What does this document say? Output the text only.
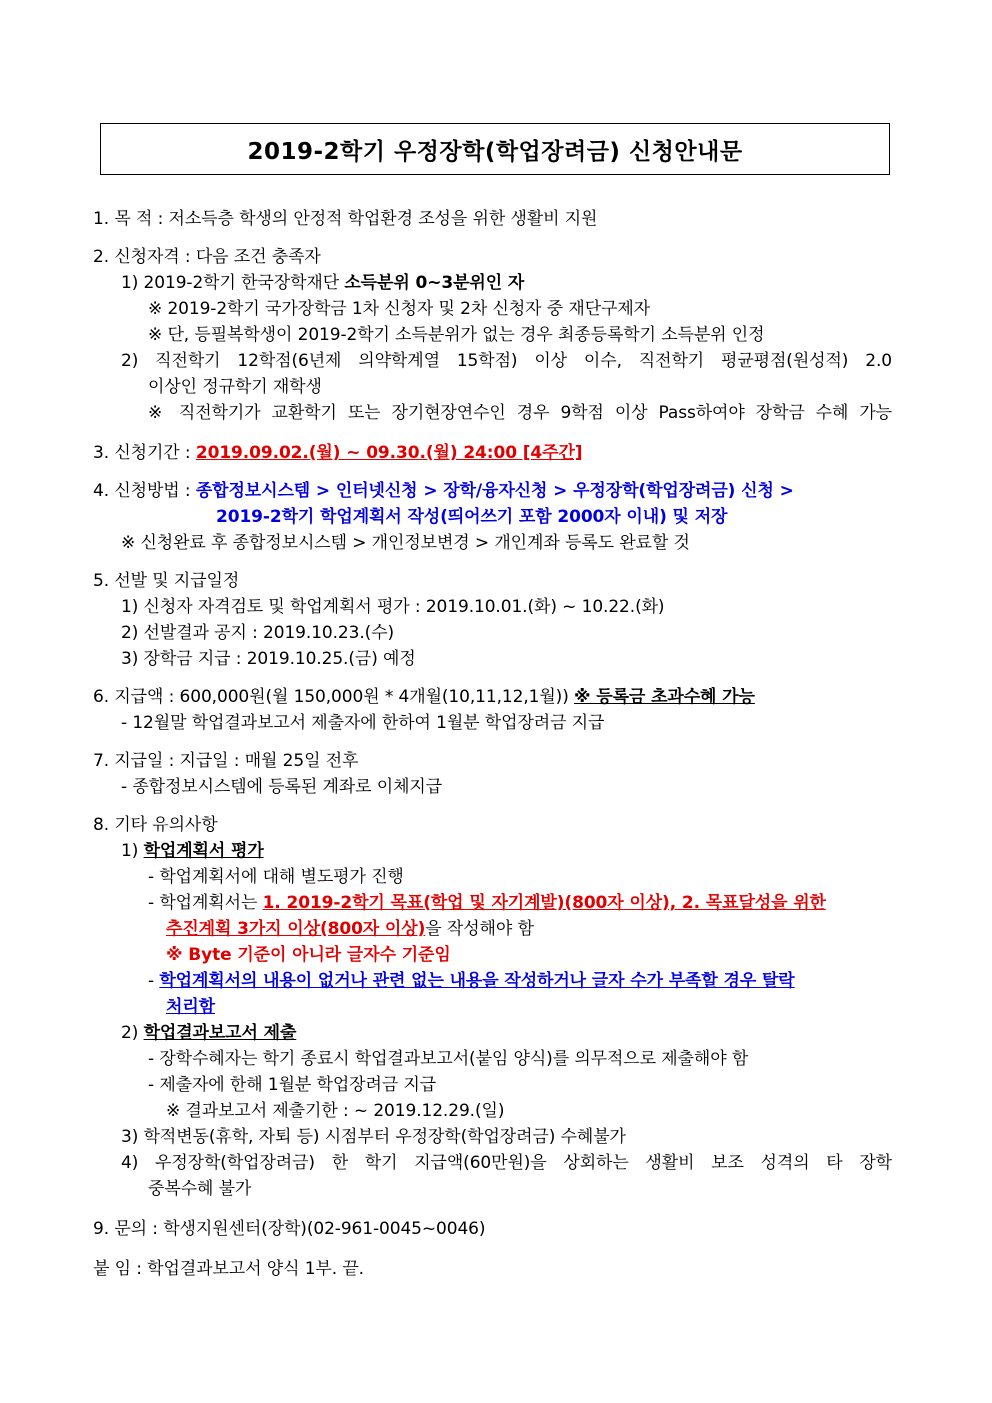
2019-2학기 우정장학(학업장려금) 신청안내문
1. 목 적 : 저소득층 학생의 안정적 학업환경 조성을 위한 생활비 지원
2. 신청자격 : 다음 조건 충족자
1) 2019-2학기 한국장학재단 소득분위 0~3분위인 자
※ 2019-2학기 국가장학금 1차 신청자 및 2차 신청자 중 재단구제자
※ 단, 등필복학생이 2019-2학기 소득분위가 없는 경우 최종등록학기 소득분위 인정
2) 직전학기 12학점(6년제 의약학계열 15학점) 이상 이수, 직전학기 평균평점(원성적) 2.0
이상인 정규학기 재학생
※ 직전학기가 교환학기 또는 장기현장연수인 경우 9학점 이상 Pass하여야 장학금 수혜 가능
3. 신청기간 : 2019.09.02.(월) ~ 09.30.(월) 24:00 [4주간]
4. 신청방법 : 종합정보시스템 > 인터넷신청 > 장학/융자신청 > 우정장학(학업장려금) 신청 >
2019-2학기 학업계획서 작성(띄어쓰기 포함 2000자 이내) 및 저장
※ 신청완료 후 종합정보시스템 > 개인정보변경 > 개인계좌 등록도 완료할 것
5. 선발 및 지급일정
1) 신청자 자격검토 및 학업계획서 평가 : 2019.10.01.(화) ~ 10.22.(화)
2) 선발결과 공지 : 2019.10.23.(수)
3) 장학금 지급 : 2019.10.25.(금) 예정
6. 지급액 : 600,000원(월 150,000원 * 4개월(10,11,12,1월)) ※ 등록금 초과수혜 가능
- 12월말 학업결과보고서 제출자에 한하여 1월분 학업장려금 지급
7. 지급일 : 지급일 : 매월 25일 전후
- 종합정보시스템에 등록된 계좌로 이체지급
8. 기타 유의사항
1) 학업계획서 평가
- 학업계획서에 대해 별도평가 진행
- 학업계획서는 1. 2019-2학기 목표(학업 및 자기계발)(800자 이상), 2. 목표달성을 위한
추진계획 3가지 이상(800자 이상)을 작성해야 함
※ Byte 기준이 아니라 글자수 기준임
- 학업계획서의 내용이 없거나 관련 없는 내용을 작성하거나 글자 수가 부족할 경우 탈락
처리함
2) 학업결과보고서 제출
- 장학수혜자는 학기 종료시 학업결과보고서(붙임 양식)를 의무적으로 제출해야 함
- 제출자에 한해 1월분 학업장려금 지급
※ 결과보고서 제출기한 : ~ 2019.12.29.(일)
3) 학적변동(휴학, 자퇴 등) 시점부터 우정장학(학업장려금) 수혜불가
4) 우정장학(학업장려금) 한 학기 지급액(60만원)을 상회하는 생활비 보조 성격의 타 장학
중복수혜 불가
9. 문의 : 학생지원센터(장학)(02-961-0045~0046)
붙 임 : 학업결과보고서 양식 1부. 끝.
